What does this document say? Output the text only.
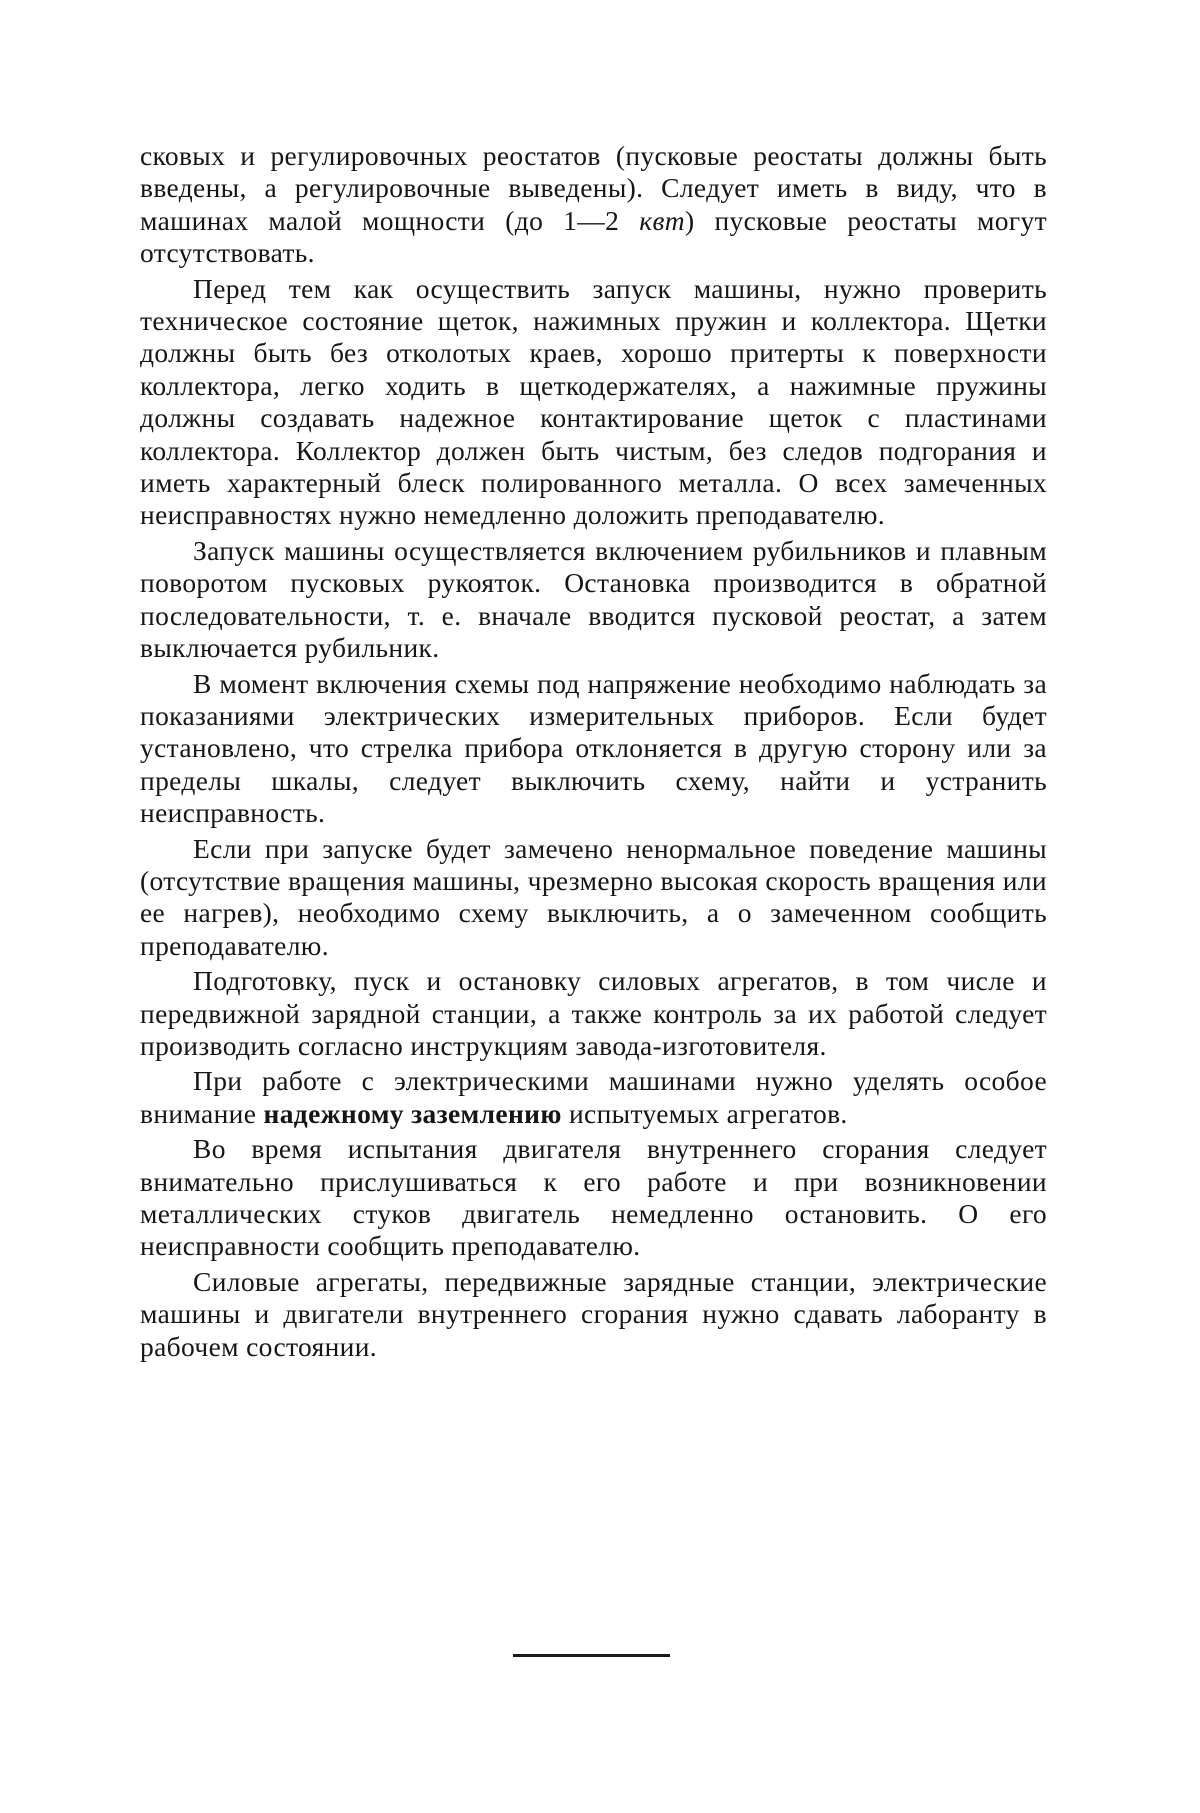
сковых и регулировочных реостатов (пусковые реостаты должны быть введены, а регулировочные выведены). Следует иметь в виду, что в машинах малой мощности (до 1—2 квт) пусковые реостаты могут отсутствовать.

Перед тем как осуществить запуск машины, нужно проверить техническое состояние щеток, нажимных пружин и коллектора. Щетки должны быть без отколотых краев, хорошо притерты к поверхности коллектора, легко ходить в щеткодержателях, а нажимные пружины должны создавать надежное контактирование щеток с пластинами коллектора. Коллектор должен быть чистым, без следов подгорания и иметь характерный блеск полированного металла. О всех замеченных неисправностях нужно немедленно доложить преподавателю.

Запуск машины осуществляется включением рубильников и плавным поворотом пусковых рукояток. Остановка производится в обратной последовательности, т. е. вначале вводится пусковой реостат, а затем выключается рубильник.

В момент включения схемы под напряжение необходимо наблюдать за показаниями электрических измерительных приборов. Если будет установлено, что стрелка прибора отклоняется в другую сторону или за пределы шкалы, следует выключить схему, найти и устранить неисправность.

Если при запуске будет замечено ненормальное поведение машины (отсутствие вращения машины, чрезмерно высокая скорость вращения или ее нагрев), необходимо схему выключить, а о замеченном сообщить преподавателю.

Подготовку, пуск и остановку силовых агрегатов, в том числе и передвижной зарядной станции, а также контроль за их работой следует производить согласно инструкциям завода-изготовителя.

При работе с электрическими машинами нужно уделять особое внимание надежному заземлению испытуемых агрегатов.

Во время испытания двигателя внутреннего сгорания следует внимательно прислушиваться к его работе и при возникновении металлических стуков двигатель немедленно остановить. О его неисправности сообщить преподавателю.

Силовые агрегаты, передвижные зарядные станции, электрические машины и двигатели внутреннего сгорания нужно сдавать лаборанту в рабочем состоянии.
